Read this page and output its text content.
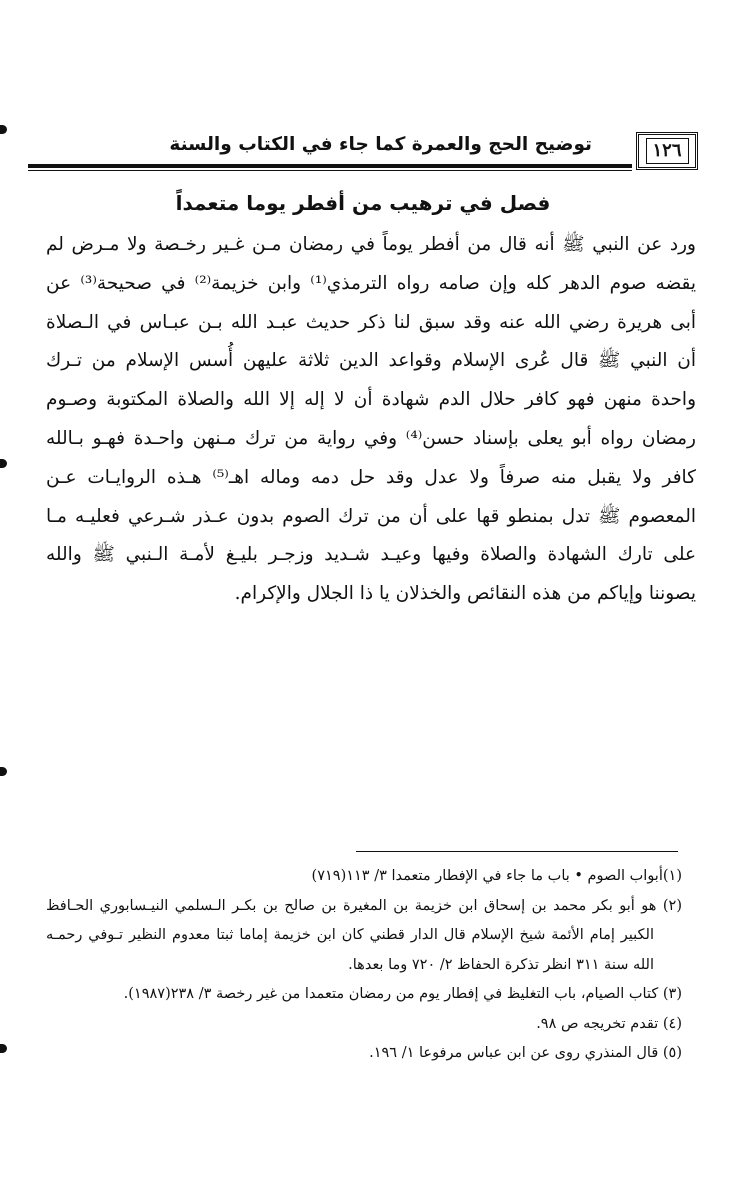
١٢٦
توضيح الحج والعمرة كما جاء في الكتاب والسنة
فصل في ترهيب من أفطر يوما متعمداً
ورد عن النبي ﷺ أنه قال من أفطر يوماً في رمضان مـن غـير رخـصة ولا مـرض لم
يقضه صوم الدهر كله وإن صامه رواه الترمذي⁽¹⁾ وابن خزيمة⁽²⁾ في صحيحة⁽³⁾ عن
أبى هريرة رضي الله عنه وقد سبق لنا ذكر حديث عبـد الله بـن عبـاس في الـصلاة
أن النبي ﷺ قال عُرى الإسلام وقواعد الدين ثلاثة عليهن أُسس الإسلام من تـرك
واحدة منهن فهو كافر حلال الدم شهادة أن لا إله إلا الله والصلاة المكتوبة وصـوم
رمضان رواه أبو يعلى بإسناد حسن⁽⁴⁾ وفي رواية من ترك مـنهن واحـدة فهـو بـالله
كافر ولا يقبل منه صرفاً ولا عدل وقد حل دمه وماله اهـ⁽⁵⁾ هـذه الروايـات عـن
المعصوم ﷺ تدل بمنطو قها على أن من ترك الصوم بدون عـذر شـرعي فعليـه مـا
على تارك الشهادة والصلاة وفيها وعيـد شـديد وزجـر بليـغ لأمـة الـنبي ﷺ والله
يصوننا وإياكم من هذه النقائص والخذلان يا ذا الجلال والإكرام.
(١)أبواب الصوم • باب ما جاء في الإفطار متعمدا ٣/ ١١٣(٧١٩)
(٢) هو أبو بكر محمد بن إسحاق ابن خزيمة بن المغيرة بن صالح بن بكـر الـسلمي النيـسابوري الحـافظ
الكبير إمام الأئمة شيخ الإسلام قال الدار قطني كان ابن خزيمة إماما ثبتا معدوم النظير تـوفي رحمـه
الله سنة ٣١١ انظر تذكرة الحفاظ ٢/ ٧٢٠ وما بعدها.
(٣) كتاب الصيام، باب التغليظ في إفطار يوم من رمضان متعمدا من غير رخصة ٣/ ٢٣٨(١٩٨٧).
(٤) تقدم تخريجه ص ٩٨.
(٥) قال المنذري روى عن ابن عباس مرفوعا ١/ ١٩٦.
